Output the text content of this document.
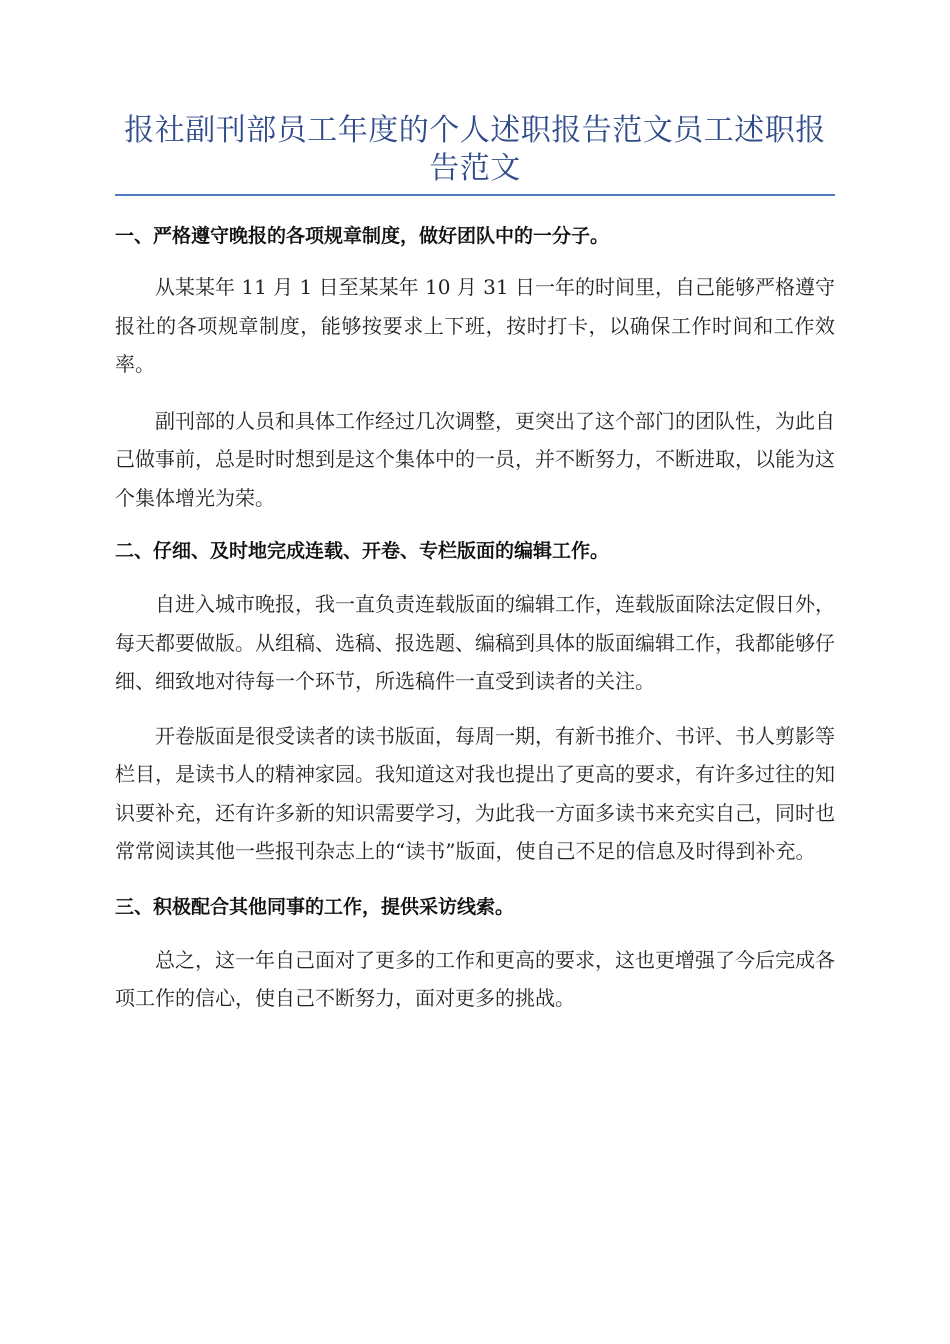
报社副刊部员工年度的个人述职报告范文员工述职报告范文

一、严格遵守晚报的各项规章制度，做好团队中的一分子。

从某某年 11 月 1 日至某某年 10 月 31 日一年的时间里，自己能够严格遵守报社的各项规章制度，能够按要求上下班，按时打卡，以确保工作时间和工作效率。

副刊部的人员和具体工作经过几次调整，更突出了这个部门的团队性，为此自己做事前，总是时时想到是这个集体中的一员，并不断努力，不断进取，以能为这个集体增光为荣。

二、仔细、及时地完成连载、开卷、专栏版面的编辑工作。

自进入城市晚报，我一直负责连载版面的编辑工作，连载版面除法定假日外，每天都要做版。从组稿、选稿、报选题、编稿到具体的版面编辑工作，我都能够仔细、细致地对待每一个环节，所选稿件一直受到读者的关注。

开卷版面是很受读者的读书版面，每周一期，有新书推介、书评、书人剪影等栏目，是读书人的精神家园。我知道这对我也提出了更高的要求，有许多过往的知识要补充，还有许多新的知识需要学习，为此我一方面多读书来充实自己，同时也常常阅读其他一些报刊杂志上的“读书”版面，使自己不足的信息及时得到补充。

三、积极配合其他同事的工作，提供采访线索。

总之，这一年自己面对了更多的工作和更高的要求，这也更增强了今后完成各项工作的信心，使自己不断努力，面对更多的挑战。
